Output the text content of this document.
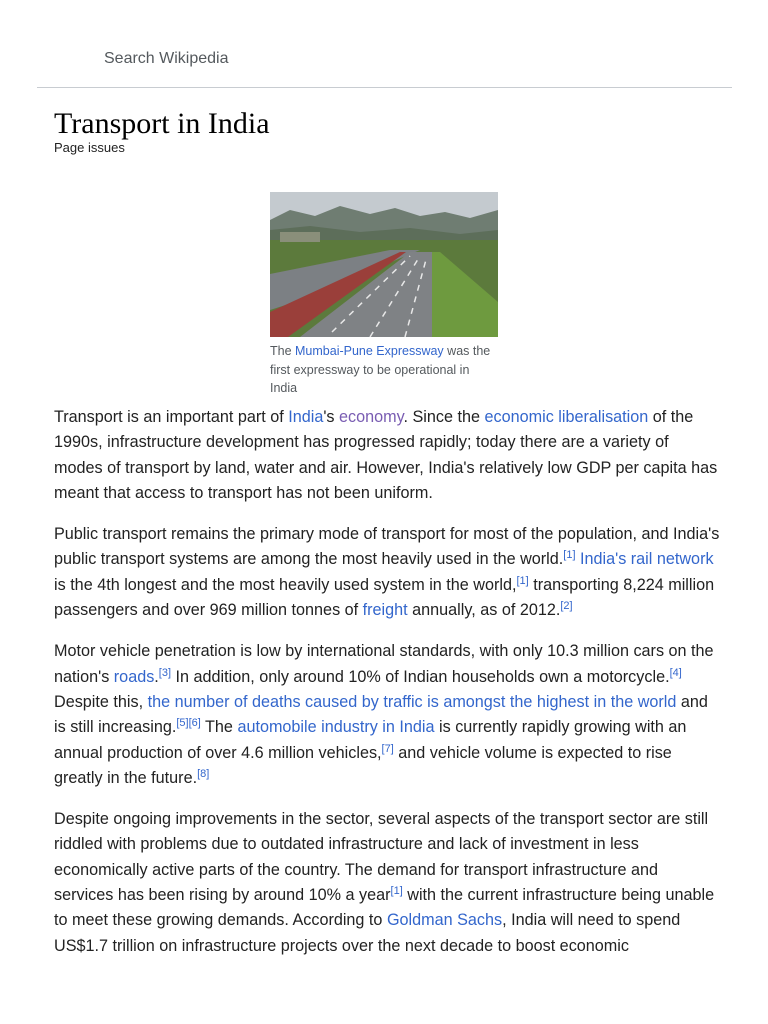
Search Wikipedia
Transport in India
Page issues
The Mumbai-Pune Expressway was the first expressway to be operational in India

Transport is an important part of India's economy. Since the economic liberalisation of the 1990s, infrastructure development has progressed rapidly; today there are a variety of modes of transport by land, water and air. However, India's relatively low GDP per capita has meant that access to transport has not been uniform.

Public transport remains the primary mode of transport for most of the population, and India's public transport systems are among the most heavily used in the world.[1] India's rail network is the 4th longest and the most heavily used system in the world,[1] transporting 8,224 million passengers and over 969 million tonnes of freight annually, as of 2012.[2]

Motor vehicle penetration is low by international standards, with only 10.3 million cars on the nation's roads.[3] In addition, only around 10% of Indian households own a motorcycle.[4] Despite this, the number of deaths caused by traffic is amongst the highest in the world and is still increasing.[5][6] The automobile industry in India is currently rapidly growing with an annual production of over 4.6 million vehicles,[7] and vehicle volume is expected to rise greatly in the future.[8]

Despite ongoing improvements in the sector, several aspects of the transport sector are still riddled with problems due to outdated infrastructure and lack of investment in less economically active parts of the country. The demand for transport infrastructure and services has been rising by around 10% a year[1] with the current infrastructure being unable to meet these growing demands. According to Goldman Sachs, India will need to spend US$1.7 trillion on infrastructure projects over the next decade to boost economic
